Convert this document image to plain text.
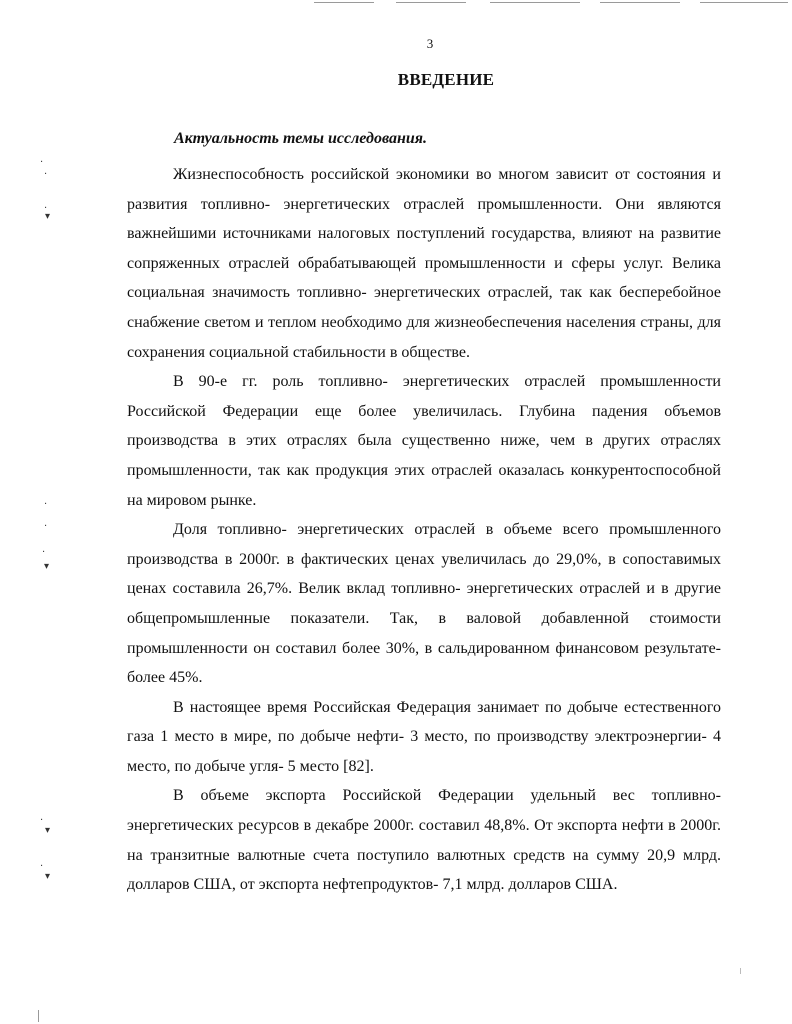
3
ВВЕДЕНИЕ
Актуальность темы исследования.

Жизнеспособность российской экономики во многом зависит от состояния и развития топливно- энергетических отраслей промышленности. Они являются важнейшими источниками налоговых поступлений государства, влияют на развитие сопряженных отраслей обрабатывающей промышленности и сферы услуг. Велика социальная значимость топливно- энергетических отраслей, так как бесперебойное снабжение светом и теплом необходимо для жизнеобеспечения населения страны, для сохранения социальной стабильности в обществе.

В 90-е гг. роль топливно- энергетических отраслей промышленности Российской Федерации еще более увеличилась. Глубина падения объемов производства в этих отраслях была существенно ниже, чем в других отраслях промышленности, так как продукция этих отраслей оказалась конкурентоспособной на мировом рынке.

Доля топливно- энергетических отраслей в объеме всего промышленного производства в 2000г. в фактических ценах увеличилась до 29,0%, в сопоставимых ценах составила 26,7%. Велик вклад топливно- энергетических отраслей и в другие общепромышленные показатели. Так, в валовой добавленной стоимости промышленности он составил более 30%, в сальдированном финансовом результате- более 45%.

В настоящее время Российская Федерация занимает по добыче естественного газа 1 место в мире, по добыче нефти- 3 место, по производству электроэнергии- 4 место, по добыче угля- 5 место [82].

В объеме экспорта Российской Федерации удельный вес топливно- энергетических ресурсов в декабре 2000г. составил 48,8%. От экспорта нефти в 2000г. на транзитные валютные счета поступило валютных средств на сумму 20,9 млрд. долларов США, от экспорта нефтепродуктов- 7,1 млрд. долларов США.

·
·
·
▾
·
·
·
▾
·
▾
·
▾
